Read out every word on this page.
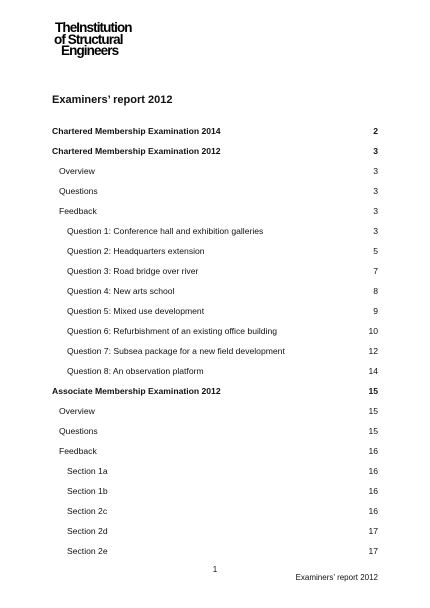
TheInstitution
of Structural
Engineers
Examiners’ report 2012
Chartered Membership Examination 2014	2
Chartered Membership Examination 2012	3
Overview	3
Questions	3
Feedback	3
Question 1: Conference hall and exhibition galleries	3
Question 2: Headquarters extension	5
Question 3: Road bridge over river	7
Question 4: New arts school	8
Question 5: Mixed use development	9
Question 6: Refurbishment of an existing office building	10
Question 7: Subsea package for a new field development	12
Question 8: An observation platform	14
Associate Membership Examination 2012	15
Overview	15
Questions	15
Feedback	16
Section 1a	16
Section 1b	16
Section 2c	16
Section 2d	17
Section 2e	17
1
Examiners’ report 2012
